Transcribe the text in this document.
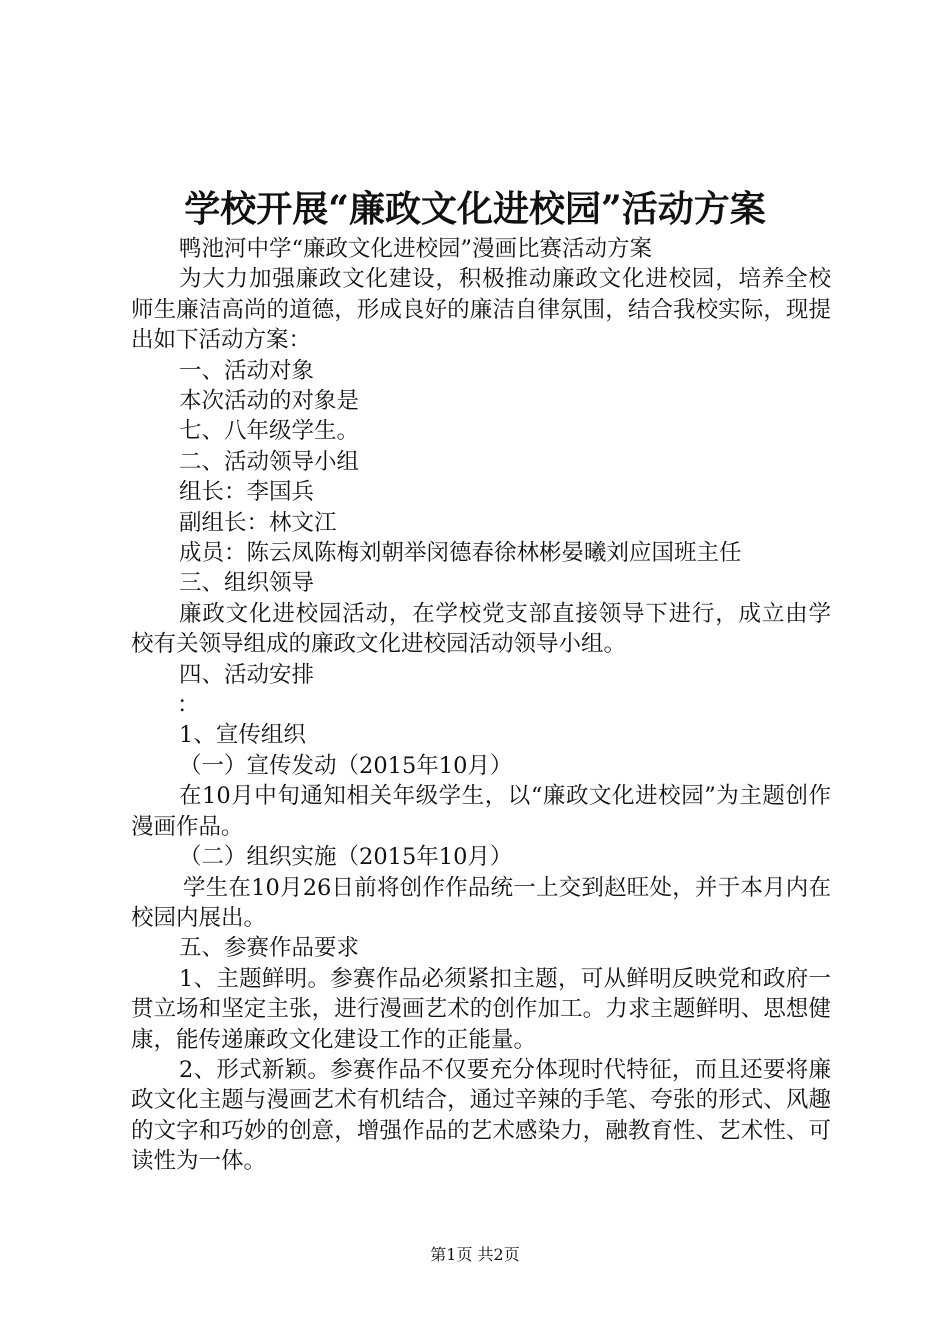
学校开展“廉政文化进校园”活动方案

鸭池河中学“廉政文化进校园”漫画比赛活动方案

为大力加强廉政文化建设，积极推动廉政文化进校园，培养全校师生廉洁高尚的道德，形成良好的廉洁自律氛围，结合我校实际，现提出如下活动方案：

一、活动对象

本次活动的对象是

七、八年级学生。

二、活动领导小组

组长：李国兵

副组长：林文江

成员：陈云凤陈梅刘朝举闵德春徐林彬晏曦刘应国班主任

三、组织领导

廉政文化进校园活动，在学校党支部直接领导下进行，成立由学校有关领导组成的廉政文化进校园活动领导小组。

四、活动安排

：

1、宣传组织

（一）宣传发动（2015年10月）

在10月中旬通知相关年级学生，以“廉政文化进校园”为主题创作漫画作品。

（二）组织实施（2015年10月）

学生在10月26日前将创作作品统一上交到赵旺处，并于本月内在校园内展出。

五、参赛作品要求

1、主题鲜明。参赛作品必须紧扣主题，可从鲜明反映党和政府一贯立场和坚定主张，进行漫画艺术的创作加工。力求主题鲜明、思想健康，能传递廉政文化建设工作的正能量。

2、形式新颖。参赛作品不仅要充分体现时代特征，而且还要将廉政文化主题与漫画艺术有机结合，通过辛辣的手笔、夸张的形式、风趣的文字和巧妙的创意，增强作品的艺术感染力，融教育性、艺术性、可读性为一体。

第1页 共2页
